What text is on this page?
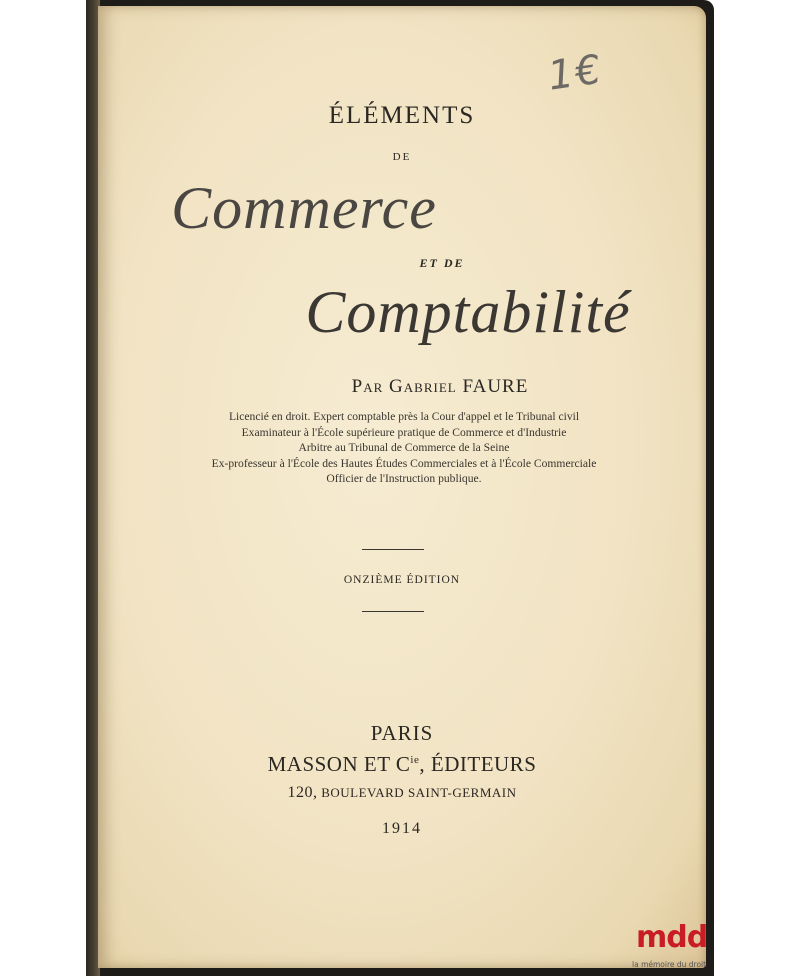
1€
ÉLÉMENTS
DE
Commerce
ET DE
Comptabilité
Par Gabriel FAURE
Licencié en droit. Expert comptable près la Cour d'appel et le Tribunal civil
Examinateur à l'École supérieure pratique de Commerce et d'Industrie
Arbitre au Tribunal de Commerce de la Seine
Ex-professeur à l'École des Hautes Études Commerciales et à l'École Commerciale
Officier de l'Instruction publique.
ONZIÈME ÉDITION
PARIS
MASSON ET $C^{ie}$, ÉDITEURS
120, BOULEVARD SAINT-GERMAIN
1914
mdd
la mémoire du droit
